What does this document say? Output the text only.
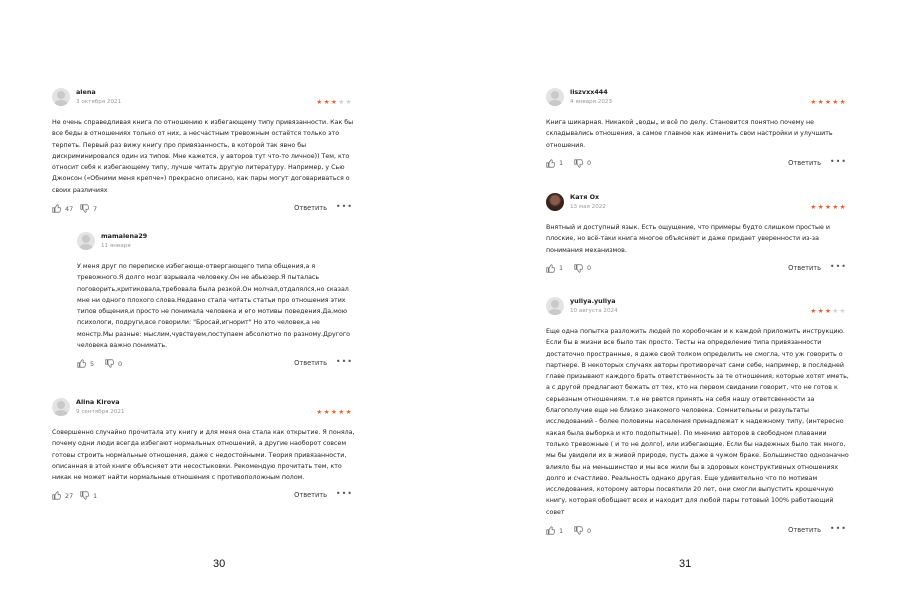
alena
3 октября 2021	★★★★★
Не очень справедливая книга по отношению к избегающему типу привязанности. Как бы все беды в отношениях только от них, а несчастным тревожным остаётся только это терпеть. Первый раз вижу книгу про привязанность, в которой так явно бы дискриминировался один из типов. Мне кажется, у авторов тут что-то личное)) Тем, кто относит себя к избегающему типу, лучше читать другую литературу. Например, у Сью Джонсон («Обними меня крепче») прекрасно описано, как пары могут договариваться о своих различиях
47	7	Ответить •••
mamalena29
11 января
У меня друг по переписке избегающе-отвергающего типа общения,а я тревожного.Я долго мозг взрывала человеку.Он не абьюзер.Я пыталась поговорить,критиковала,требовала была резкой.Он молчал,отдалялся,но сказал мне ни одного плохого слова.Недавно стала читать статьи про отношения этих типов общения,и просто не понимала человека и его мотивы поведения.Да,мою психологи, подруги,все говорили: "Бросай,игнорит" Но это человек,а не монстр.Мы разные: мыслим,чувствуем,поступаем абсолютно по разному.Другого человека важно понимать.
5	0	Ответить •••
Alina Kirova
9 сентября 2021	★★★★★
Совершенно случайно прочитала эту книгу и для меня она стала как открытие. Я поняла, почему одни люди всегда избегают нормальных отношений, а другие наоборот совсем готовы строить нормальные отношения, даже с недостойными. Теория привязанности, описанная в этой книге объясняет эти несостыковки. Рекомендую прочитать тем, кто никак не может найти нормальные отношения с противоположным полом.
27	1	Ответить •••
30
liszvxx444
4 января 2023	★★★★★
Книга шикарная. Никакой „воды„ и всё по делу. Становится понятно почему не складывались отношения, а самое главное как изменить свои настройки и улучшить отношения.
1	0	Ответить •••
Катя Ох
13 мая 2022	★★★★★
Внятный и доступный язык. Есть ощущение, что примеры будто слишком простые и плоские, но всё-таки книга многое объясняет и даже придает уверенности из-за понимания механизмов.
1	0	Ответить •••
yuliya.yuliya
10 августа 2024	★★★★★
Еще одна попытка разложить людей по коробочкам и к каждой приложить инструкцию. Если бы в жизни все было так просто. Тесты на определение типа привязанности достаточно пространные, я даже свой толком определить не смогла, что уж говорить о партнере. В некоторых случаях авторы противоречат сами себе, например, в последней главе призывают каждого брать ответственность за те отношения, которые хотят иметь, а с другой предлагают бежать от тех, кто на первом свидании говорит, что не готов к серьезным отношениям. т.е не рвется принять на себя нашу ответсвенности за благополучие еще не близко знакомого человека. Сомнительны и результаты исследований - более половины населения принадлежат к надежному типу, (интересно какая была выборка и кто подопытные). По мнению авторов в свободном плавании только тревожные ( и то не долго), или избегающие. Если бы надежных было так много, мы бы увидели их в живой природе, пусть даже в чужом браке. Большинство однозначно влияло бы на меньшинство и мы все жили бы в здоровых конструктивных отношениях долго и счастливо. Реальность однако другая. Еще удивительно что по мотивам исследования, которому авторы посвятили 20 лет, они смогли выпустить крошечную книгу, которая обобщает всех и находит для любой пары готовый 100% работающий совет
1	0	Ответить •••
31
